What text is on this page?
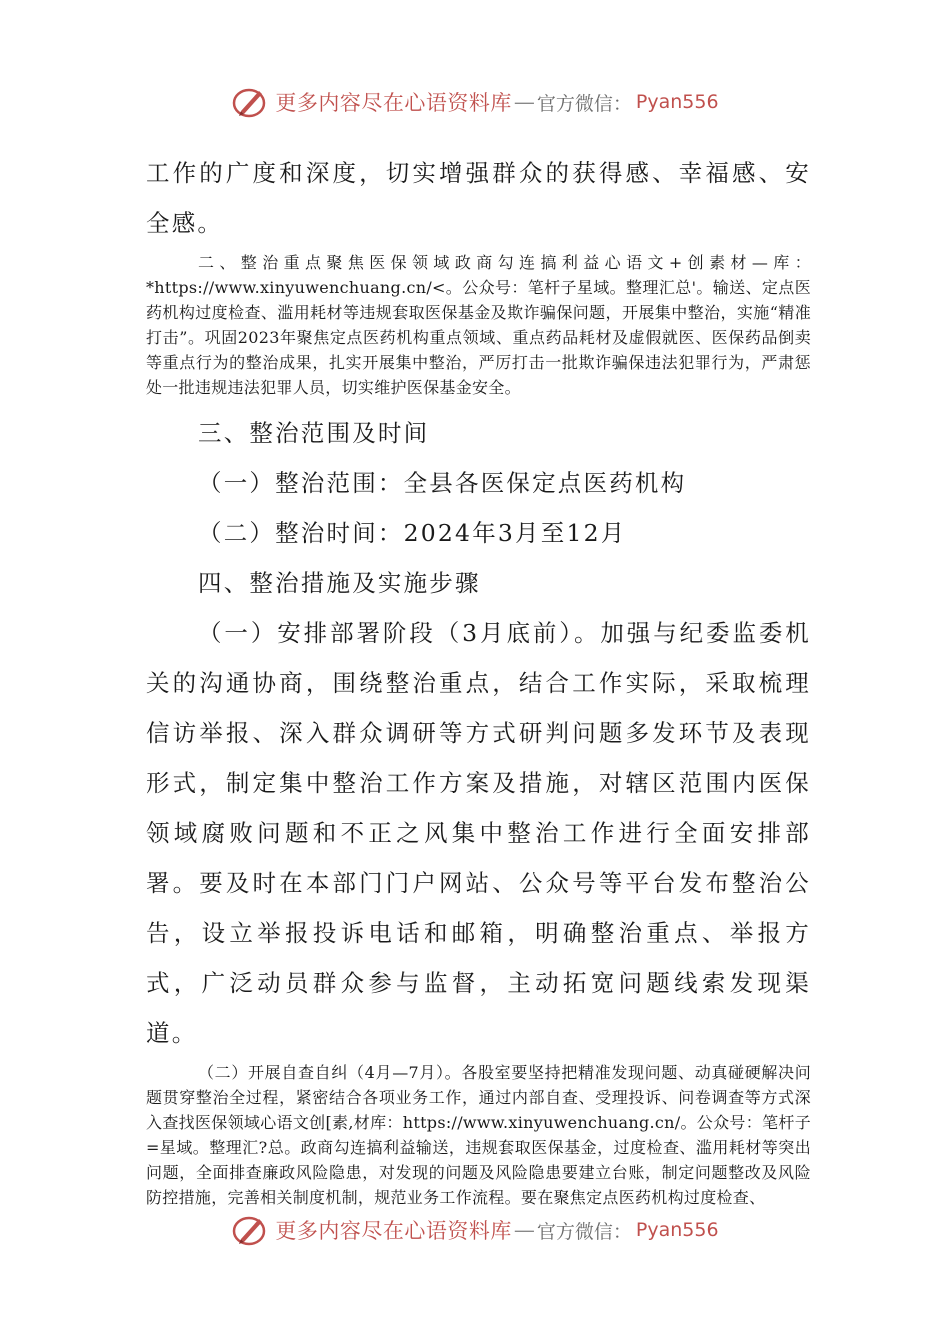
更多内容尽在心语资料库 — 官方微信： Pyan556

工作的广度和深度，切实增强群众的获得感、幸福感、安全感。

二、整治重点聚焦医保领域政商勾连搞利益心语文+创素材—库：*https://www.xinyuwenchuang.cn/<。公众号：笔杆子星域。整理汇总'。输送、定点医药机构过度检查、滥用耗材等违规套取医保基金及欺诈骗保问题，开展集中整治，实施“精准打击”。巩固2023年聚焦定点医药机构重点领域、重点药品耗材及虚假就医、医保药品倒卖等重点行为的整治成果，扎实开展集中整治，严厉打击一批欺诈骗保违法犯罪行为，严肃惩处一批违规违法犯罪人员，切实维护医保基金安全。

三、整治范围及时间

（一）整治范围：全县各医保定点医药机构

（二）整治时间：2024年3月至12月

四、整治措施及实施步骤

（一）安排部署阶段（3月底前）。加强与纪委监委机关的沟通协商，围绕整治重点，结合工作实际，采取梳理信访举报、深入群众调研等方式研判问题多发环节及表现形式，制定集中整治工作方案及措施，对辖区范围内医保领域腐败问题和不正之风集中整治工作进行全面安排部署。要及时在本部门门户网站、公众号等平台发布整治公告，设立举报投诉电话和邮箱，明确整治重点、举报方式，广泛动员群众参与监督，主动拓宽问题线索发现渠道。

（二）开展自查自纠（4月—7月）。各股室要坚持把精准发现问题、动真碰硬解决问题贯穿整治全过程，紧密结合各项业务工作，通过内部自查、受理投诉、问卷调查等方式深入查找医保领域心语文创[素,材库：https://www.xinyuwenchuang.cn/。公众号：笔杆子=星域。整理汇?总。政商勾连搞利益输送，违规套取医保基金，过度检查、滥用耗材等突出问题，全面排查廉政风险隐患，对发现的问题及风险隐患要建立台账，制定问题整改及风险防控措施，完善相关制度机制，规范业务工作流程。要在聚焦定点医药机构过度检查、

更多内容尽在心语资料库 — 官方微信： Pyan556
